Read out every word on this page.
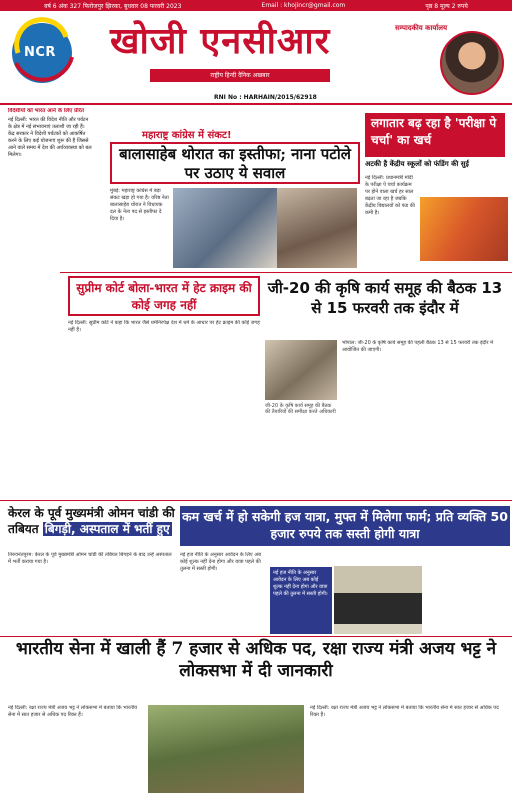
वर्ष 6 अंक 327 फिरोजपुर झिरका, बुधवार 08 फरवरी 2023	Email : khojincr@gmail.com	पृष्ठ 8 मूल्य 2 रुपये
NCR खोजी एनसीआर
राष्ट्रीय हिन्दी दैनिक अखबार
सम्पादकीय कार्यालय
RNI No : HARHAIN/2015/62918
विदेशीयों को भारत आने के लिए प्रेरित
नई दिल्ली: भारत की विदेश नीति और पर्यटन के क्षेत्र में नई संभावनाएं तलाशी जा रही हैं। केंद्र सरकार ने विदेशी पर्यटकों को आकर्षित करने के लिए कई योजनाएं शुरू की हैं जिससे आने वाले समय में देश की अर्थव्यवस्था को बल मिलेगा।
महाराष्ट्र कांग्रेस में संकट!
बालासाहेब थोरात का इस्तीफा; नाना पटोले पर उठाए ये सवाल
मुंबई: महाराष्ट्र कांग्रेस में बड़ा संकट खड़ा हो गया है। वरिष्ठ नेता बालासाहेब थोरात ने विधायक दल के नेता पद से इस्तीफा दे दिया है।
लगातार बढ़ रहा है 'परीक्षा पे चर्चा' का खर्च
अटकी है केंद्रीय स्कूलों को फंडिंग की सुई
नई दिल्ली: प्रधानमंत्री मोदी के परीक्षा पे चर्चा कार्यक्रम पर होने वाला खर्च हर साल बढ़ता जा रहा है जबकि केंद्रीय विद्यालयों को फंड की कमी है।
सुप्रीम कोर्ट बोला-भारत में हेट क्राइम की कोई जगह नहीं
नई दिल्ली: सुप्रीम कोर्ट ने कहा कि भारत जैसे धर्मनिरपेक्ष देश में धर्म के आधार पर हेट क्राइम की कोई जगह नहीं है।
जी-20 की कृषि कार्य समूह की बैठक 13 से 15 फरवरी तक इंदौर में
जी-20 के कृषि कार्य समूह की बैठक की तैयारियों की समीक्षा करते अधिकारी
भोपाल: जी-20 के कृषि कार्य समूह की पहली बैठक 13 से 15 फरवरी तक इंदौर में आयोजित की जाएगी।
केरल के पूर्व मुख्यमंत्री ओमन चांडी की तबियत बिगड़ी, अस्पताल में भर्ती हुए
तिरुवनंतपुरम: केरल के पूर्व मुख्यमंत्री ओमन चांडी की तबियत बिगड़ने के बाद उन्हें अस्पताल में भर्ती कराया गया है।
कम खर्च में हो सकेगी हज यात्रा, मुफ्त में मिलेगा फार्म; प्रति व्यक्ति 50 हजार रुपये तक सस्ती होगी यात्रा
नई हज नीति के अनुसार आवेदन के लिए अब कोई शुल्क नहीं देना होगा और यात्रा पहले की तुलना में सस्ती होगी।
नई हज नीति के अनुसार आवेदन के लिए अब कोई शुल्क नहीं देना होगा और यात्रा पहले की तुलना में सस्ती होगी।
भारतीय सेना में खाली हैं 7 हजार से अधिक पद, रक्षा राज्य मंत्री अजय भट्ट ने लोकसभा में दी जानकारी
नई दिल्ली: रक्षा राज्य मंत्री अजय भट्ट ने लोकसभा में बताया कि भारतीय सेना में सात हजार से अधिक पद रिक्त हैं।
नई दिल्ली: रक्षा राज्य मंत्री अजय भट्ट ने लोकसभा में बताया कि भारतीय सेना में सात हजार से अधिक पद रिक्त हैं।
